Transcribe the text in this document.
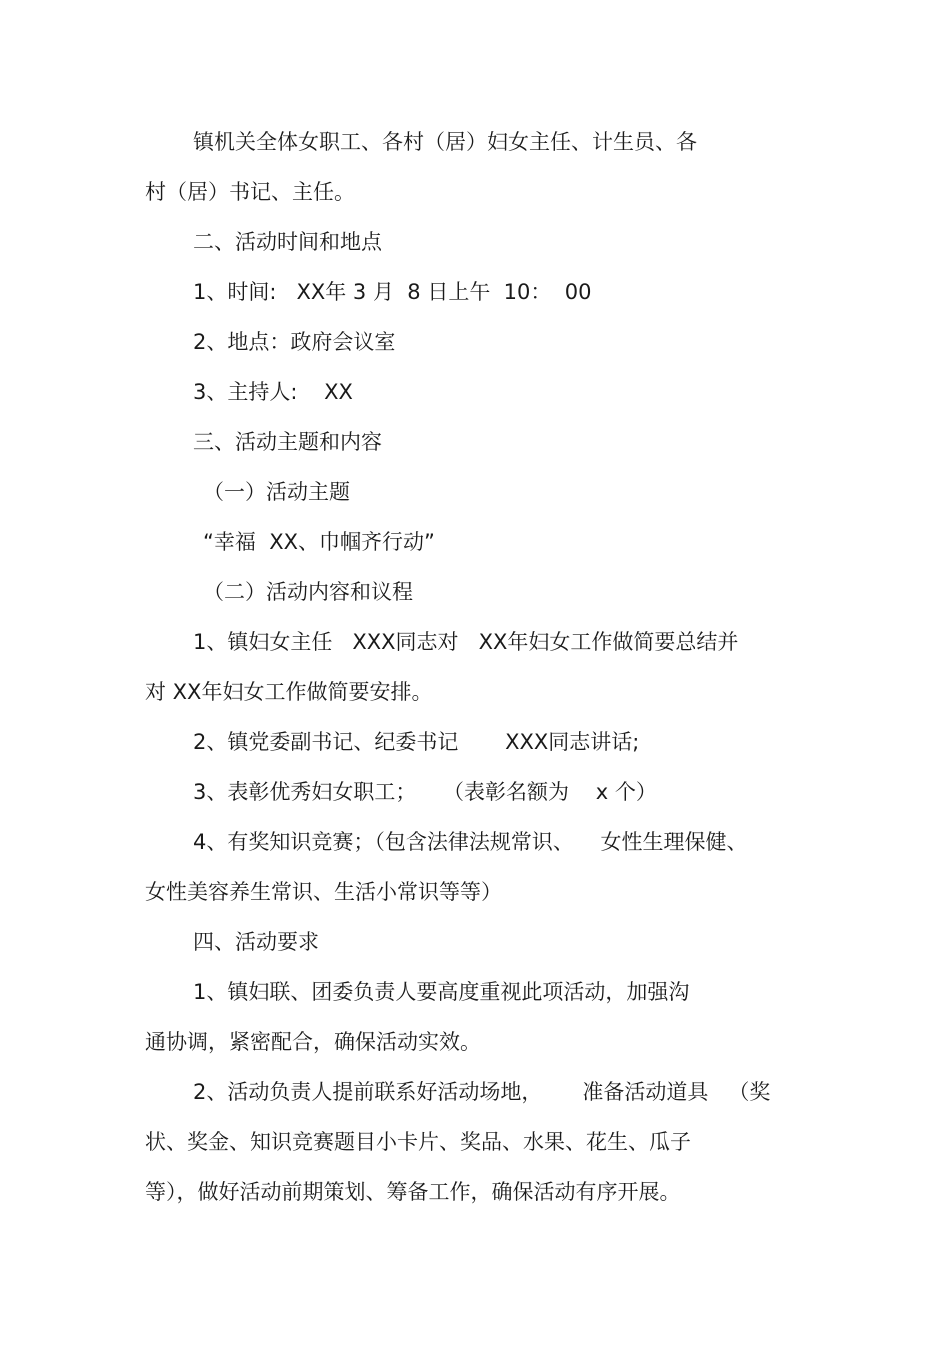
镇机关全体女职工、各村（居）妇女主任、计生员、各
村（居）书记、主任。
二、活动时间和地点
1、时间:   XX年 3 月  8 日上午  10：  00
2、地点：政府会议室
3、主持人:    XX
三、活动主题和内容
（一）活动主题
“幸福  XX、巾帼齐行动”
（二）活动内容和议程
1、镇妇女主任   XXX同志对   XX年妇女工作做简要总结并
对 XX年妇女工作做简要安排。
2、镇党委副书记、纪委书记       XXX同志讲话;
3、表彰优秀妇女职工；    （表彰名额为    x 个）
4、有奖知识竞赛；（包含法律法规常识、    女性生理保健、
女性美容养生常识、生活小常识等等）
四、活动要求
1、镇妇联、团委负责人要高度重视此项活动，加强沟
通协调，紧密配合，确保活动实效。
2、活动负责人提前联系好活动场地，      准备活动道具   （奖
状、奖金、知识竞赛题目小卡片、奖品、水果、花生、瓜子
等），做好活动前期策划、筹备工作，确保活动有序开展。
